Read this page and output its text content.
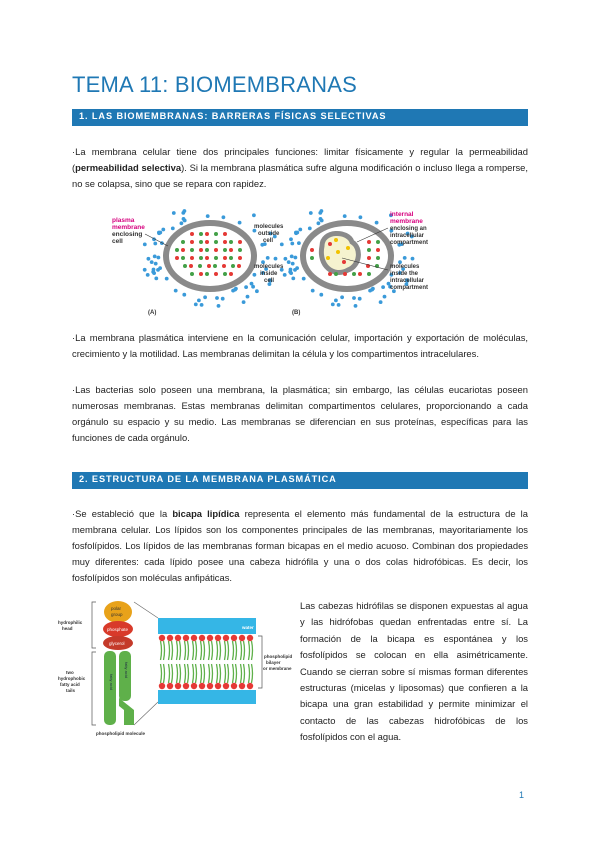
TEMA 11: BIOMEMBRANAS
1. LAS BIOMEMBRANAS: BARRERAS FÍSICAS SELECTIVAS

·La membrana celular tiene dos principales funciones: limitar físicamente y regular la permeabilidad (permeabilidad selectiva). Si la membrana plasmática sufre alguna modificación o incluso llega a romperse, no se colapsa, sino que se repara con rapidez.

plasma
membrane
enclosing
cell
molecules
outside
cell
molecules
inside
cell
internal
membrane
enclosing an
intracellular
compartment
molecules
inside the
intracellular
compartment
(A)	(B)

·La membrana plasmática interviene en la comunicación celular, importación y exportación de moléculas, crecimiento y la motilidad. Las membranas delimitan la célula y los compartimentos intracelulares.

·Las bacterias solo poseen una membrana, la plasmática; sin embargo, las células eucariotas poseen numerosas membranas. Estas membranas delimitan compartimentos celulares, proporcionando a cada orgánulo su espacio y su medio. Las membranas se diferencian en sus proteínas, específicas para las funciones de cada orgánulo.

2. ESTRUCTURA DE LA MEMBRANA PLASMÁTICA

·Se estableció que la bicapa lipídica representa el elemento más fundamental de la estructura de la membrana celular. Los lípidos son los componentes principales de las membranas, mayoritariamente los fosfolípidos. Los lípidos de las membranas forman bicapas en el medio acuoso. Combinan dos propiedades muy diferentes: cada lípido posee una cabeza hidrófila y una o dos colas hidrofóbicas. Es decir, los fosfolípidos son moléculas anfipáticas.

polar
group
phosphate
glycerol
fatty acid
fatty acid
hydrophilic
head
two
hydrophobic
fatty acid
tails
phospholipid molecule
water
phospholipid
bilayer
or membrane

Las cabezas hidrófilas se disponen expuestas al agua y las hidrófobas quedan enfrentadas entre sí. La formación de la bicapa es espontánea y los fosfolípidos se colocan en ella asimétricamente. Cuando se cierran sobre sí mismas forman diferentes estructuras (micelas y liposomas) que confieren a la bicapa una gran estabilidad y permite minimizar el contacto de las cabezas hidrofóbicas de los fosfolípidos con el agua.

1
